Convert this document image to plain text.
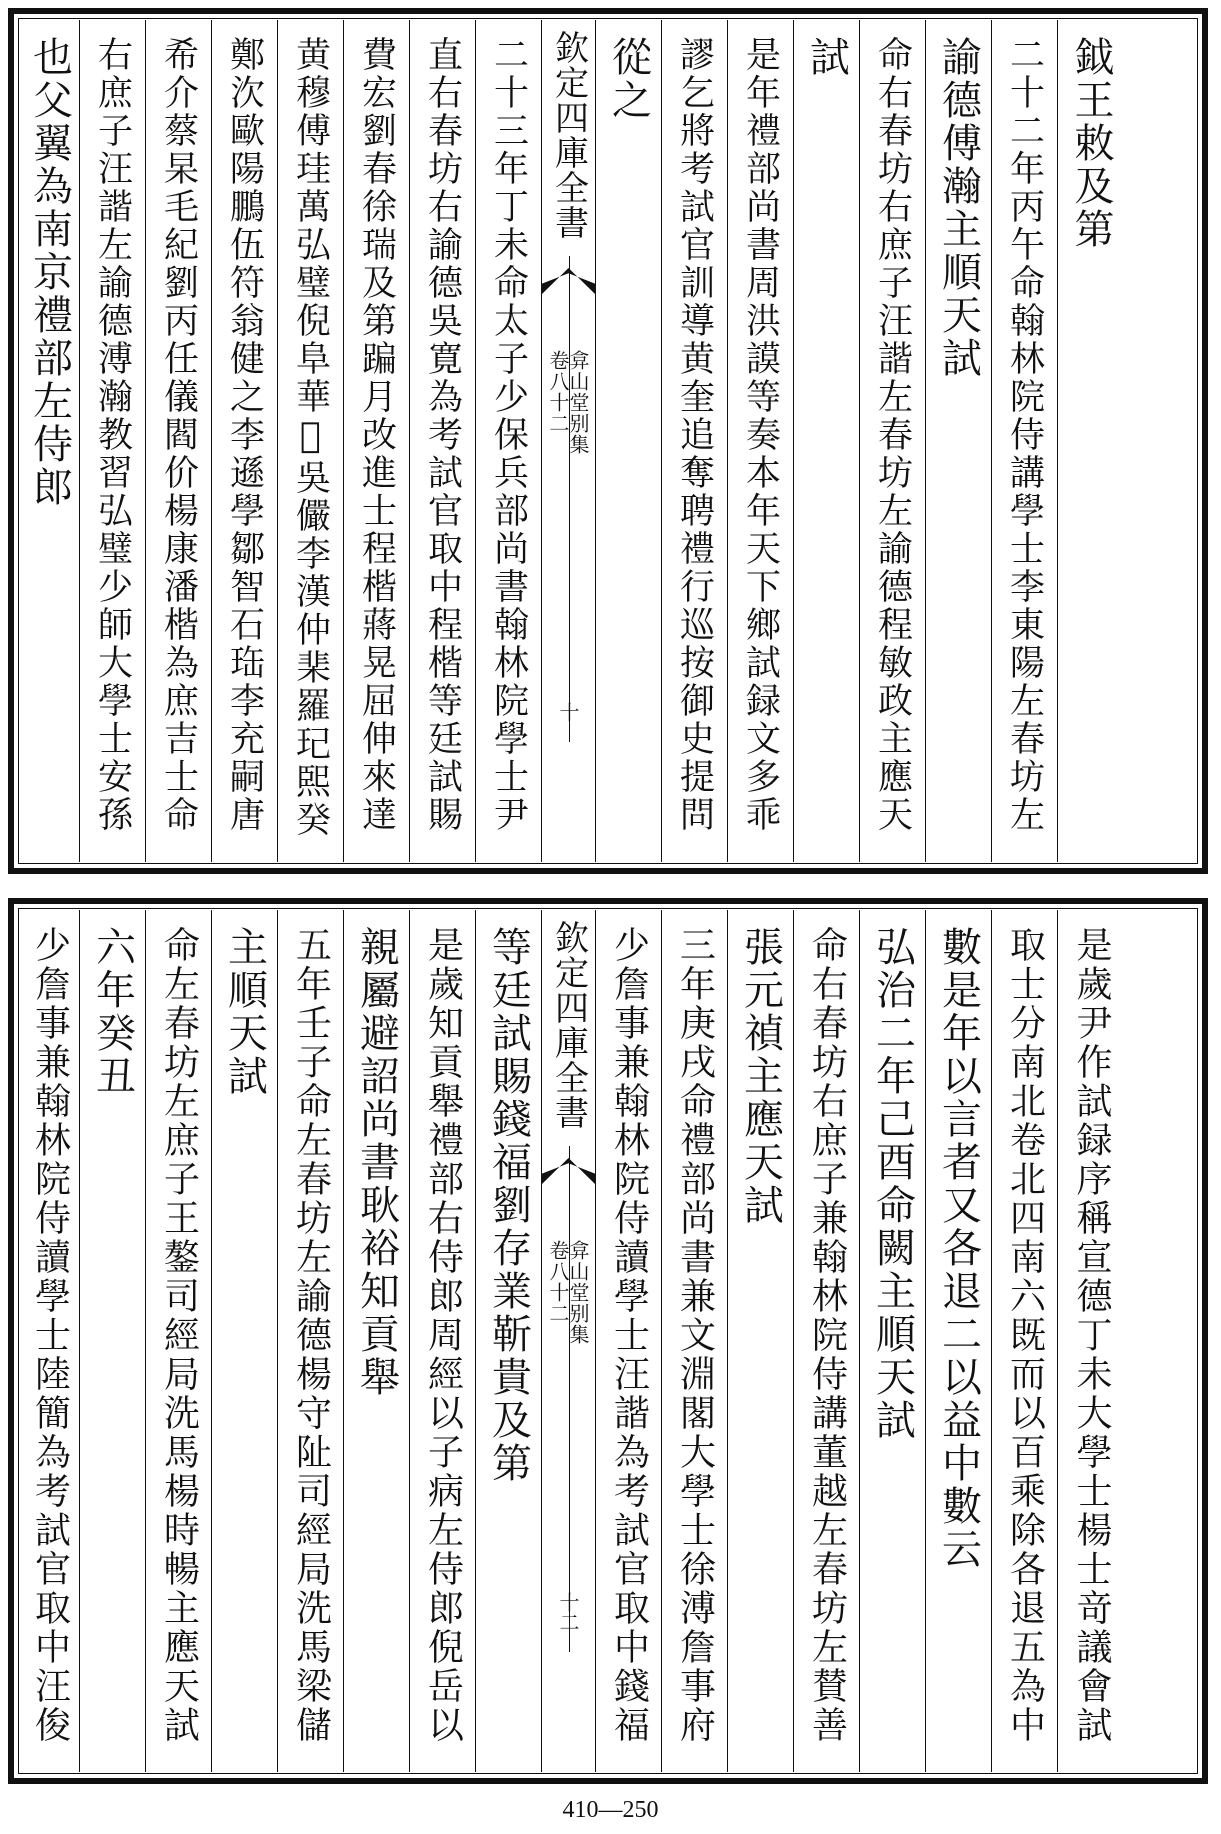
也父翼為南京禮部左侍郎 右庶子汪諧左諭德溥瀚教習弘璧少師大學士安孫 希介蔡杲毛紀劉丙任儀閻价楊康潘楷為庶吉士命 鄭㳄歐陽鵬伍符翁健之李遜學鄒智石珤李充嗣唐 黄穆傅珪萬弘璧倪阜華𦒿吳儼李漢仲棐羅玘𤋮癸 費宏劉春徐瑞及第蹁月改進士程楷蔣晃屈伸來達 直右春坊右諭德吳寛為考試官取中程楷等廷試賜 二十三年丁未命太子少保兵部尚書翰林院學士尹 欽定四庫全書
卷八十二
弇山堂别集
十
從之 謬乞將考試官訓導黄奎追奪聘禮行巡按御史提問 是年禮部尚書周洪謨等奏本年天下鄉試録文多乖 試 命右春坊右庶子汪諧左春坊左諭德程敏政主應天 諭德傅瀚主順天試 二十二年丙午命翰林院侍講學士李東陽左春坊左 鉞王敕及第
少詹事兼翰林院侍讀學士陸簡為考試官取中汪俊 六年癸丑 命左春坊左庶子王鏊司經局洗馬楊時暢主應天試 主順天試 五年壬子命左春坊左諭德楊守阯司經局洗馬梁儲 親屬避詔尚書耿裕知貢舉 是歲知貢舉禮部右侍郎周經以子病左侍郎倪岳以 等廷試賜錢福劉存業靳貴及第 欽定四庫全書
卷八十二
弇山堂别集
十二 少詹事兼翰林院侍讀學士汪諧為考試官取中錢福 三年庚戌命禮部尚書兼文淵閣大學士徐溥詹事府 張元禎主應天試 命右春坊右庶子兼翰林院侍講董越左春坊左賛善 弘治二年己酉命闕主順天試 數是年以言者又各退二以益中數云 取士分南北卷北四南六既而以百乘除各退五為中 是歲尹作試録序稱宣德丁未大學士楊士竒議會試
410—250
